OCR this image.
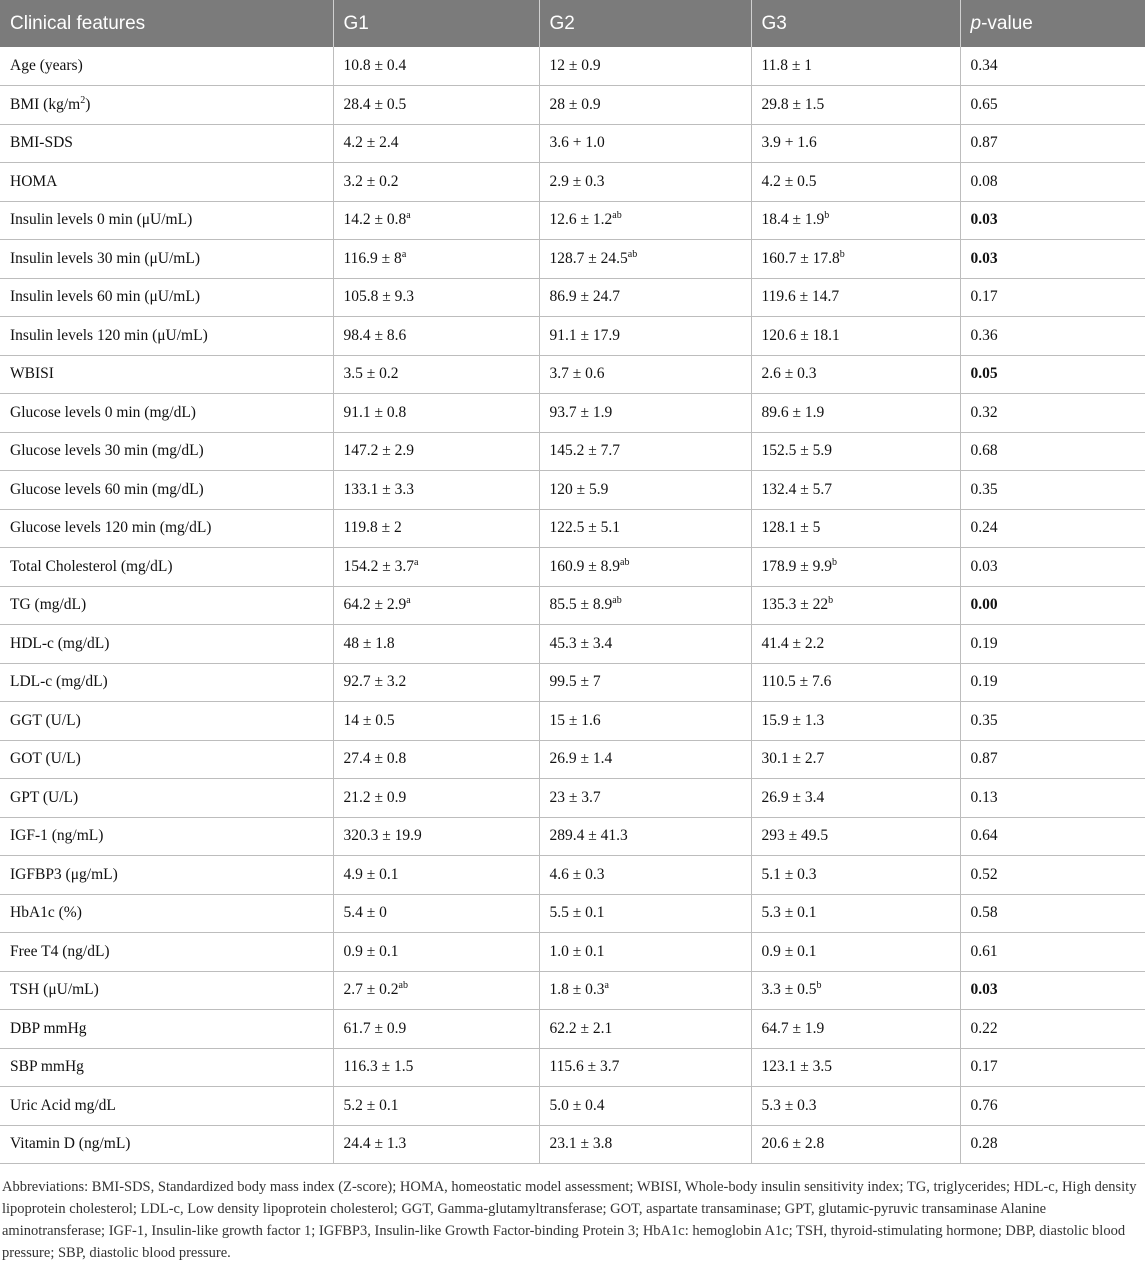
Clinical features	G1	G2	G3	p-value
Age (years)	10.8 ± 0.4	12 ± 0.9	11.8 ± 1	0.34
BMI $(kg/m^2)$	28.4 ± 0.5	28 ± 0.9	29.8 ± 1.5	0.65
BMI-SDS	4.2 ± 2.4	3.6 + 1.0	3.9 + 1.6	0.87
HOMA	3.2 ± 0.2	2.9 ± 0.3	4.2 ± 0.5	0.08
Insulin levels 0 min (μU/mL)	14.2 ± 0.8$^a$	12.6 ± 1.2$^{ab}$	18.4 ± 1.9$^b$	0.03
Insulin levels 30 min (μU/mL)	$116.9 \pm 8^a$	128.7 ± 24.5$^{ab}$	160.7 ± 17.8$^b$	0.03
Insulin levels 60 min (μU/mL)	105.8 ± 9.3	86.9 ± 24.7	119.6 ± 14.7	0.17
Insulin levels 120 min (μU/mL)	98.4 ± 8.6	91.1 ± 17.9	120.6 ± 18.1	0.36
WBISI	3.5 ± 0.2	3.7 ± 0.6	2.6 ± 0.3	0.05
Glucose levels 0 min (mg/dL)	91.1 ± 0.8	93.7 ± 1.9	89.6 ± 1.9	0.32
Glucose levels 30 min (mg/dL)	147.2 ± 2.9	145.2 ± 7.7	152.5 ± 5.9	0.68
Glucose levels 60 min (mg/dL)	133.1 ± 3.3	120 ± 5.9	132.4 ± 5.7	0.35
Glucose levels 120 min (mg/dL)	119.8 ± 2	122.5 ± 5.1	128.1 ± 5	0.24
Total Cholesterol (mg/dL)	154.2 ± 3.7$^a$	160.9 ± 8.9$^{ab}$	178.9 ± 9.9$^b$	0.03
TG (mg/dL)	64.2 ± 2.9$^a$	85.5 ± 8.9$^{ab}$	$135.3 \pm 22^b$	0.00
HDL-c (mg/dL)	48 ± 1.8	45.3 ± 3.4	41.4 ± 2.2	0.19
LDL-c (mg/dL)	92.7 ± 3.2	99.5 ± 7	110.5 ± 7.6	0.19
GGT (U/L)	14 ± 0.5	15 ± 1.6	15.9 ± 1.3	0.35
GOT (U/L)	27.4 ± 0.8	26.9 ± 1.4	30.1 ± 2.7	0.87
GPT (U/L)	21.2 ± 0.9	23 ± 3.7	26.9 ± 3.4	0.13
IGF-1 (ng/mL)	320.3 ± 19.9	289.4 ± 41.3	293 ± 49.5	0.64
IGFBP3 (μg/mL)	4.9 ± 0.1	4.6 ± 0.3	5.1 ± 0.3	0.52
HbA1c (%)	5.4 ± 0	5.5 ± 0.1	5.3 ± 0.1	0.58
Free T4 (ng/dL)	0.9 ± 0.1	1.0 ± 0.1	0.9 ± 0.1	0.61
TSH (μU/mL)	2.7 ± 0.2$^{ab}$	1.8 ± 0.3$^a$	3.3 ± 0.5$^b$	0.03
DBP mmHg	61.7 ± 0.9	62.2 ± 2.1	64.7 ± 1.9	0.22
SBP mmHg	116.3 ± 1.5	115.6 ± 3.7	123.1 ± 3.5	0.17
Uric Acid mg/dL	5.2 ± 0.1	5.0 ± 0.4	5.3 ± 0.3	0.76
Vitamin D (ng/mL)	24.4 ± 1.3	23.1 ± 3.8	20.6 ± 2.8	0.28
Abbreviations: BMI-SDS, Standardized body mass index (Z-score); HOMA, homeostatic model assessment; WBISI, Whole-body insulin sensitivity index; TG, triglycerides; HDL-c, High density lipoprotein cholesterol; LDL-c, Low density lipoprotein cholesterol; GGT, Gamma-glutamyltransferase; GOT, aspartate transaminase; GPT, glutamic-pyruvic transaminase Alanine aminotransferase; IGF-1, Insulin-like growth factor 1; IGFBP3, Insulin-like Growth Factor-binding Protein 3; HbA1c: hemoglobin A1c; TSH, thyroid-stimulating hormone; DBP, diastolic blood pressure; SBP, diastolic blood pressure.
